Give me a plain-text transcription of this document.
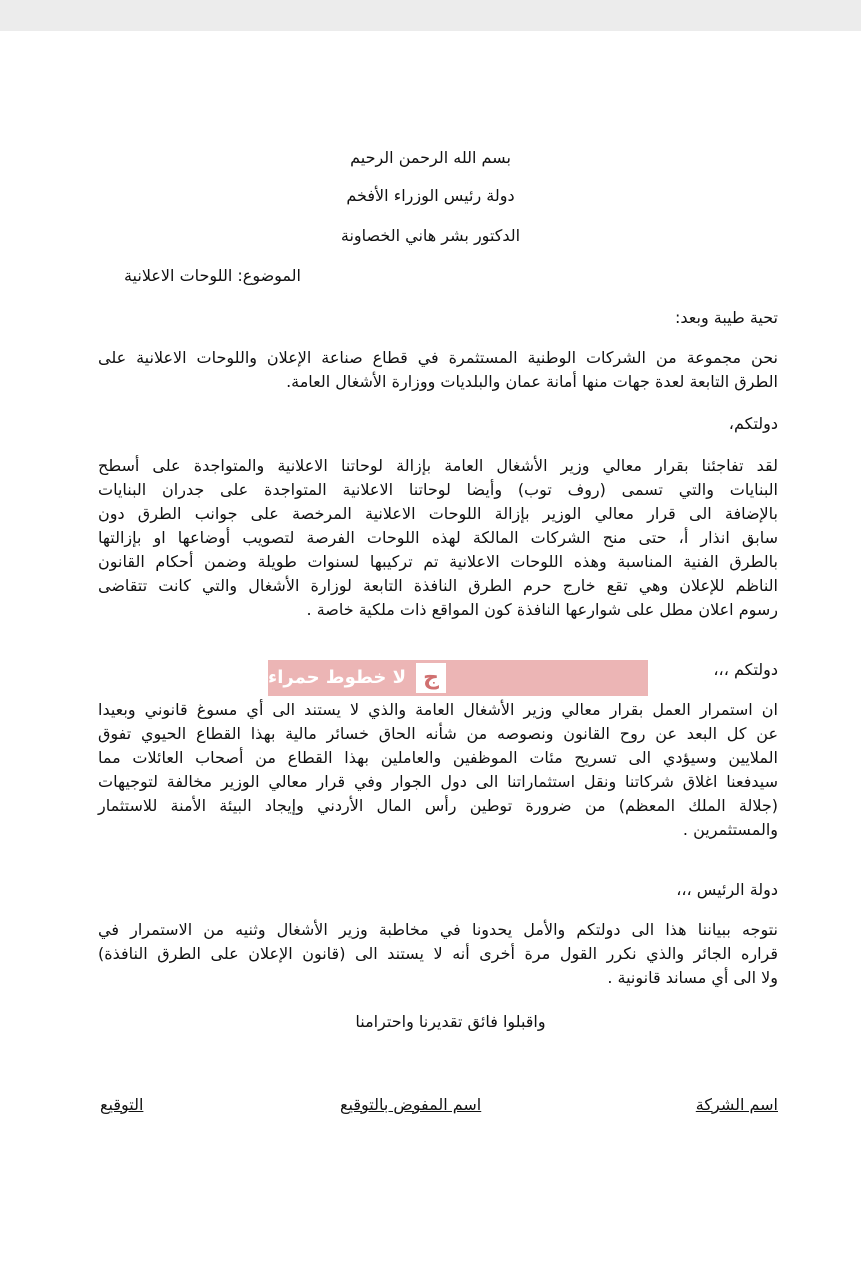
بسم الله الرحمن الرحيم
دولة رئيس الوزراء الأفخم
الدكتور بشر هاني الخصاونة
الموضوع: اللوحات الاعلانية
تحية طيبة وبعد:
نحن مجموعة من الشركات الوطنية المستثمرة في قطاع صناعة الإعلان واللوحات الاعلانية على
الطرق التابعة لعدة جهات منها أمانة عمان والبلديات ووزارة الأشغال العامة.
دولتكم،
لقد تفاجئنا بقرار معالي وزير الأشغال العامة بإزالة لوحاتنا الاعلانية والمتواجدة على أسطح
البنايات والتي تسمى (روف توب) وأيضا لوحاتنا الاعلانية المتواجدة على جدران البنايات
بالإضافة الى قرار معالي الوزير بإزالة اللوحات الاعلانية المرخصة على جوانب الطرق دون
سابق انذار أ، حتى منح الشركات المالكة لهذه اللوحات الفرصة لتصويب أوضاعها او بإزالتها
بالطرق الفنية المناسبة وهذه اللوحات الاعلانية تم تركيبها لسنوات طويلة وضمن أحكام القانون
الناظم للإعلان وهي تقع خارج حرم الطرق النافذة التابعة لوزارة الأشغال والتي كانت تتقاضى
رسوم اعلان مطل على شوارعها النافذة كون المواقع ذات ملكية خاصة .
دولتكم ،،،
ج
لا خطوط حمراء
ان استمرار العمل بقرار معالي وزير الأشغال العامة والذي لا يستند الى أي مسوغ قانوني وبعيدا
عن كل البعد عن روح القانون ونصوصه من شأنه الحاق خسائر مالية بهذا القطاع الحيوي تفوق
الملايين وسيؤدي الى تسريح مئات الموظفين والعاملين بهذا القطاع من أصحاب العائلات مما
سيدفعنا اغلاق شركاتنا ونقل استثماراتنا الى دول الجوار وفي قرار معالي الوزير مخالفة لتوجيهات
(جلالة الملك المعظم) من ضرورة توطين رأس المال الأردني وإيجاد البيئة الأمنة للاستثمار
والمستثمرين .
دولة الرئيس ،،،
نتوجه ببياننا هذا الى دولتكم والأمل يحدونا في مخاطبة وزير الأشغال وثنيه من الاستمرار في
قراره الجائر والذي نكرر القول مرة أخرى أنه لا يستند الى (قانون الإعلان على الطرق النافذة)
ولا الى أي مساند قانونية .
واقبلوا فائق تقديرنا واحترامنا
اسم الشركة
اسم المفوض بالتوقيع
التوقيع
